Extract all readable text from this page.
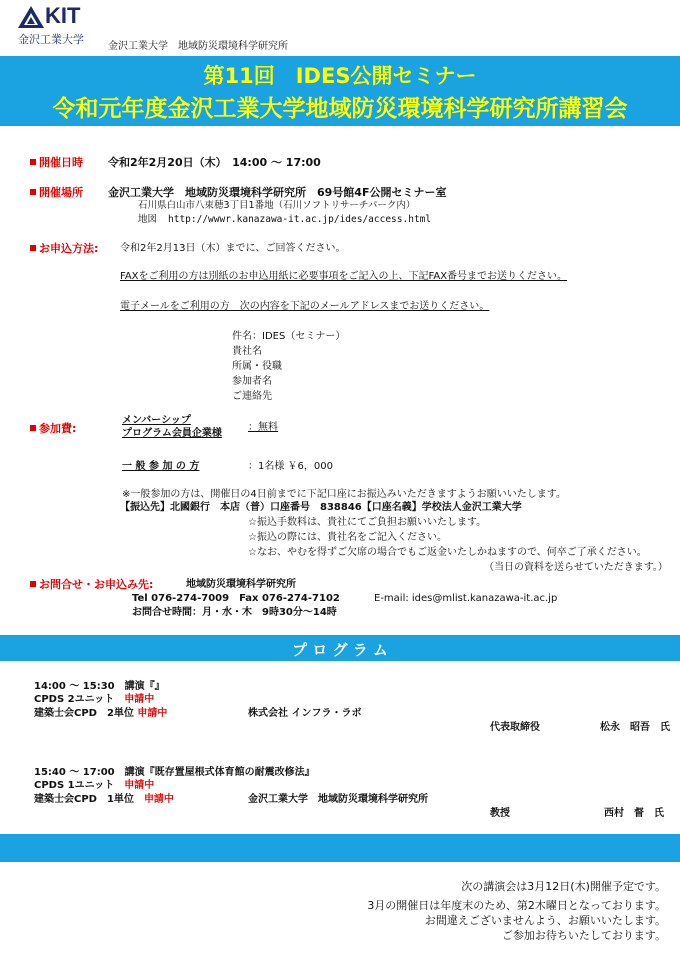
KIT
金沢工業大学
金沢工業大学　地域防災環境科学研究所
第11回　IDES公開セミナー
令和元年度金沢工業大学地域防災環境科学研究所講習会
開催日時 令和2年2月20日（木）　14:00 〜 17:00
開催場所 金沢工業大学　地域防災環境科学研究所　69号館4F公開セミナー室
石川県白山市八束穂3丁目1番地（石川ソフトリサーチパーク内）
地図 http://wwwr.kanazawa-it.ac.jp/ides/access.html
お申込方法: 令和2年2月13日（木）までに、ご回答ください。
FAXをご利用の方は別紙のお申込用紙に必要事項をご記入の上、下記FAX番号までお送りください。
電子メールをご利用の方　次の内容を下記のメールアドレスまでお送りください。
件名：IDES（セミナー）
貴社名
所属・役職
参加者名
ご連絡先
参加費:
メンバーシップ
プログラム会員企業様
：無料
一 般 参 加 の 方	：1名様 ￥6，000
※一般参加の方は、開催日の4日前までに下記口座にお振込みいただきますようお願いいたします。
【振込先】北國銀行　本店（普）口座番号　838846【口座名義】学校法人金沢工業大学
☆振込手数料は、貴社にてご負担お願いいたします。
☆振込の際には、貴社名をご記入ください。
☆なお、やむを得ずご欠席の場合でもご返金いたしかねますので、何卒ご了承ください。
（当日の資料を送らせていただきます。）
お問合せ・お申込み先:	地域防災環境科学研究所
Tel 076-274-7009　Fax 076-274-7102	E-mail: ides@mlist.kanazawa-it.ac.jp
お問合せ時間：月・水・木　9時30分〜14時
プ ロ グ ラ ム
14:00 〜 15:30　講演『』
CPDS 2ユニット　 申請中
建築士会CPD　2単位 申請中	株式会社 インフラ・ラボ
代表取締役	松永　昭吾　氏
15:40 〜 17:00　講演『既存置屋根式体育館の耐震改修法』
CPDS 1ユニット　 申請中
建築士会CPD　1単位　 申請中	金沢工業大学　地域防災環境科学研究所
教授	西村　督　氏
次の講演会は3月12日(木)開催予定です。
3月の開催日は年度末のため、第2木曜日となっております。
お間違えございませんよう、お願いいたします。
ご参加お待ちいたしております。
